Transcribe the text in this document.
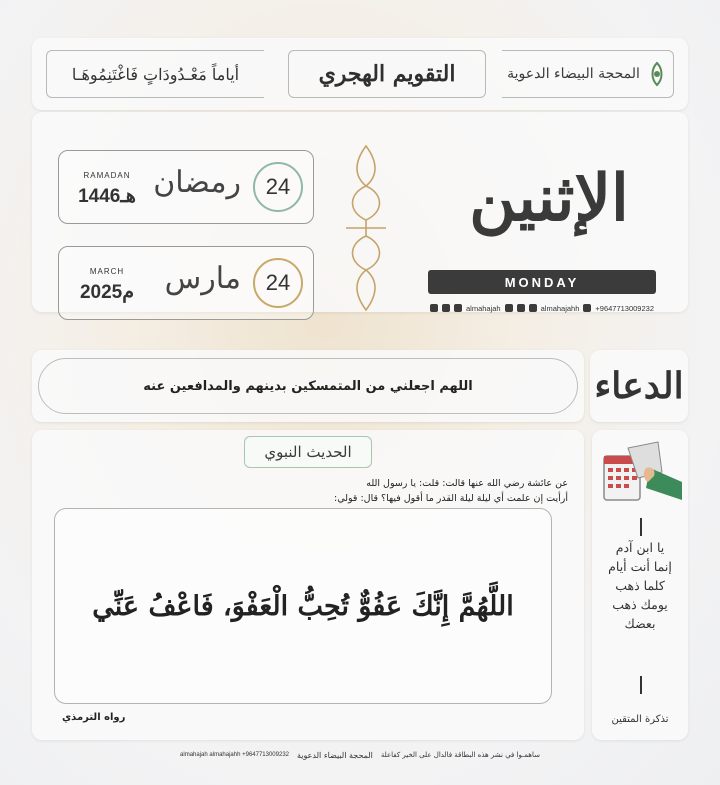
أياماً مَعْـدُودَاتٍ فَاغْتَنِمُوهَـا	التقويم الهجري	المحجة البيضاء الدعوية
RAMADAN
1446هـ رمضان	24
MARCH
2025م	مارس	24
الإثنين
MONDAY
almahajah	almahajahh +9647713009232
اللهم اجعلني من المتمسكين بدينهم والمدافعين عنه	الدعاء
الحديث النبوي
عن عائشة رضي الله عنها قالت: قلت: يا رسول الله
أرأيت إن علمت أي ليلة ليلة القدر ما أقول فيها؟ قال: قولي:
اللَّهُمَّ إِنَّكَ عَفُوٌّ تُحِبُّ الْعَفْوَ، فَاعْفُ عَنِّي
رواه الترمذي
يا ابن آدم
إنما أنت أيام
كلما ذهب
يومك ذهب
بعضك
تذكرة المتقين
ساهمـوا في نشر هذه البطاقة فالدال على الخير كفاعلة
المحجة البيضاء الدعوية
almahajah almahajahh +9647713009232
